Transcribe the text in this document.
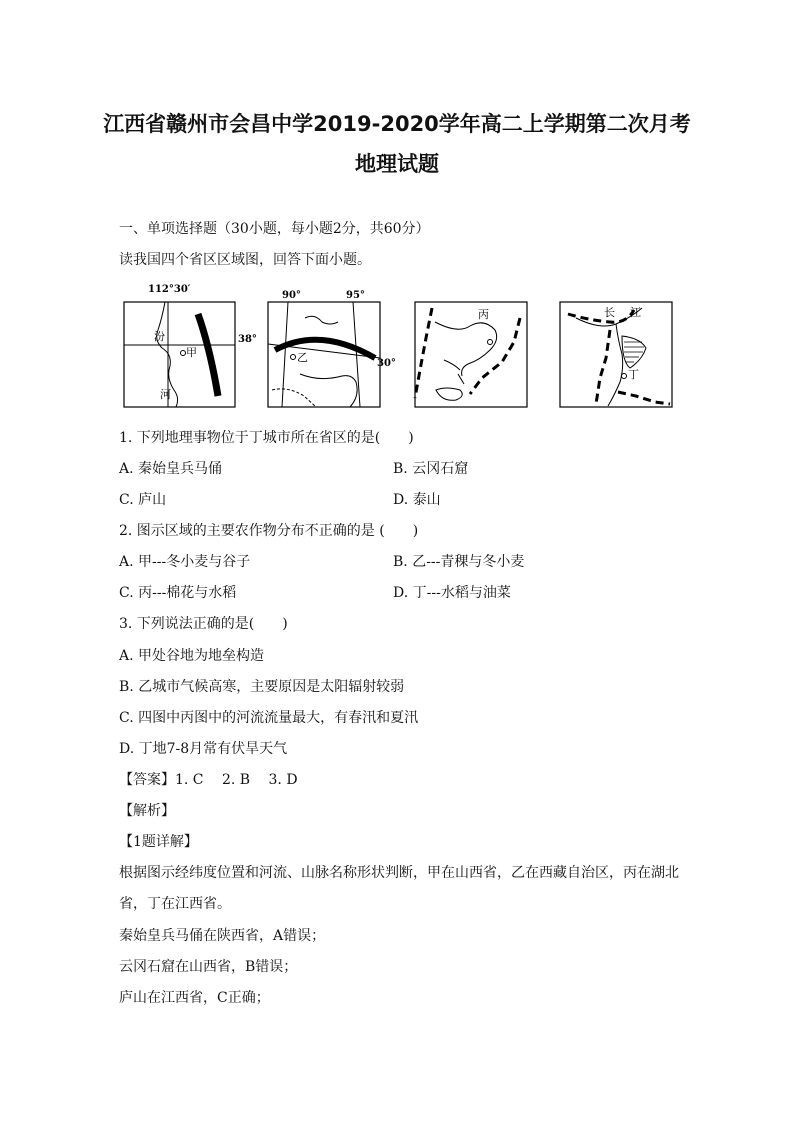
江西省赣州市会昌中学2019-2020学年高二上学期第二次月考
地理试题
一、单项选择题（30小题，每小题2分，共60分）
读我国四个省区区域图，回答下面小题。
112°30′
38°
汾
河
甲
90°	95°
30°
乙
丙	长 江
丁
1. 下列地理事物位于丁城市所在省区的是(　　)
A. 秦始皇兵马俑	B. 云冈石窟
C. 庐山	D. 泰山
2. 图示区域的主要农作物分布不正确的是 (　　)
A. 甲---冬小麦与谷子	B. 乙---青稞与冬小麦
C. 丙---棉花与水稻	D. 丁---水稻与油菜
3. 下列说法正确的是(　　)
A. 甲处谷地为地垒构造
B. 乙城市气候高寒，主要原因是太阳辐射较弱
C. 四图中丙图中的河流流量最大，有春汛和夏汛
D. 丁地7-8月常有伏旱天气
【答案】1. C　 2. B　 3. D
【解析】
【1题详解】
根据图示经纬度位置和河流、山脉名称形状判断，甲在山西省，乙在西藏自治区，丙在湖北
省，丁在江西省。
秦始皇兵马俑在陕西省，A错误；
云冈石窟在山西省，B错误；
庐山在江西省，C正确；
